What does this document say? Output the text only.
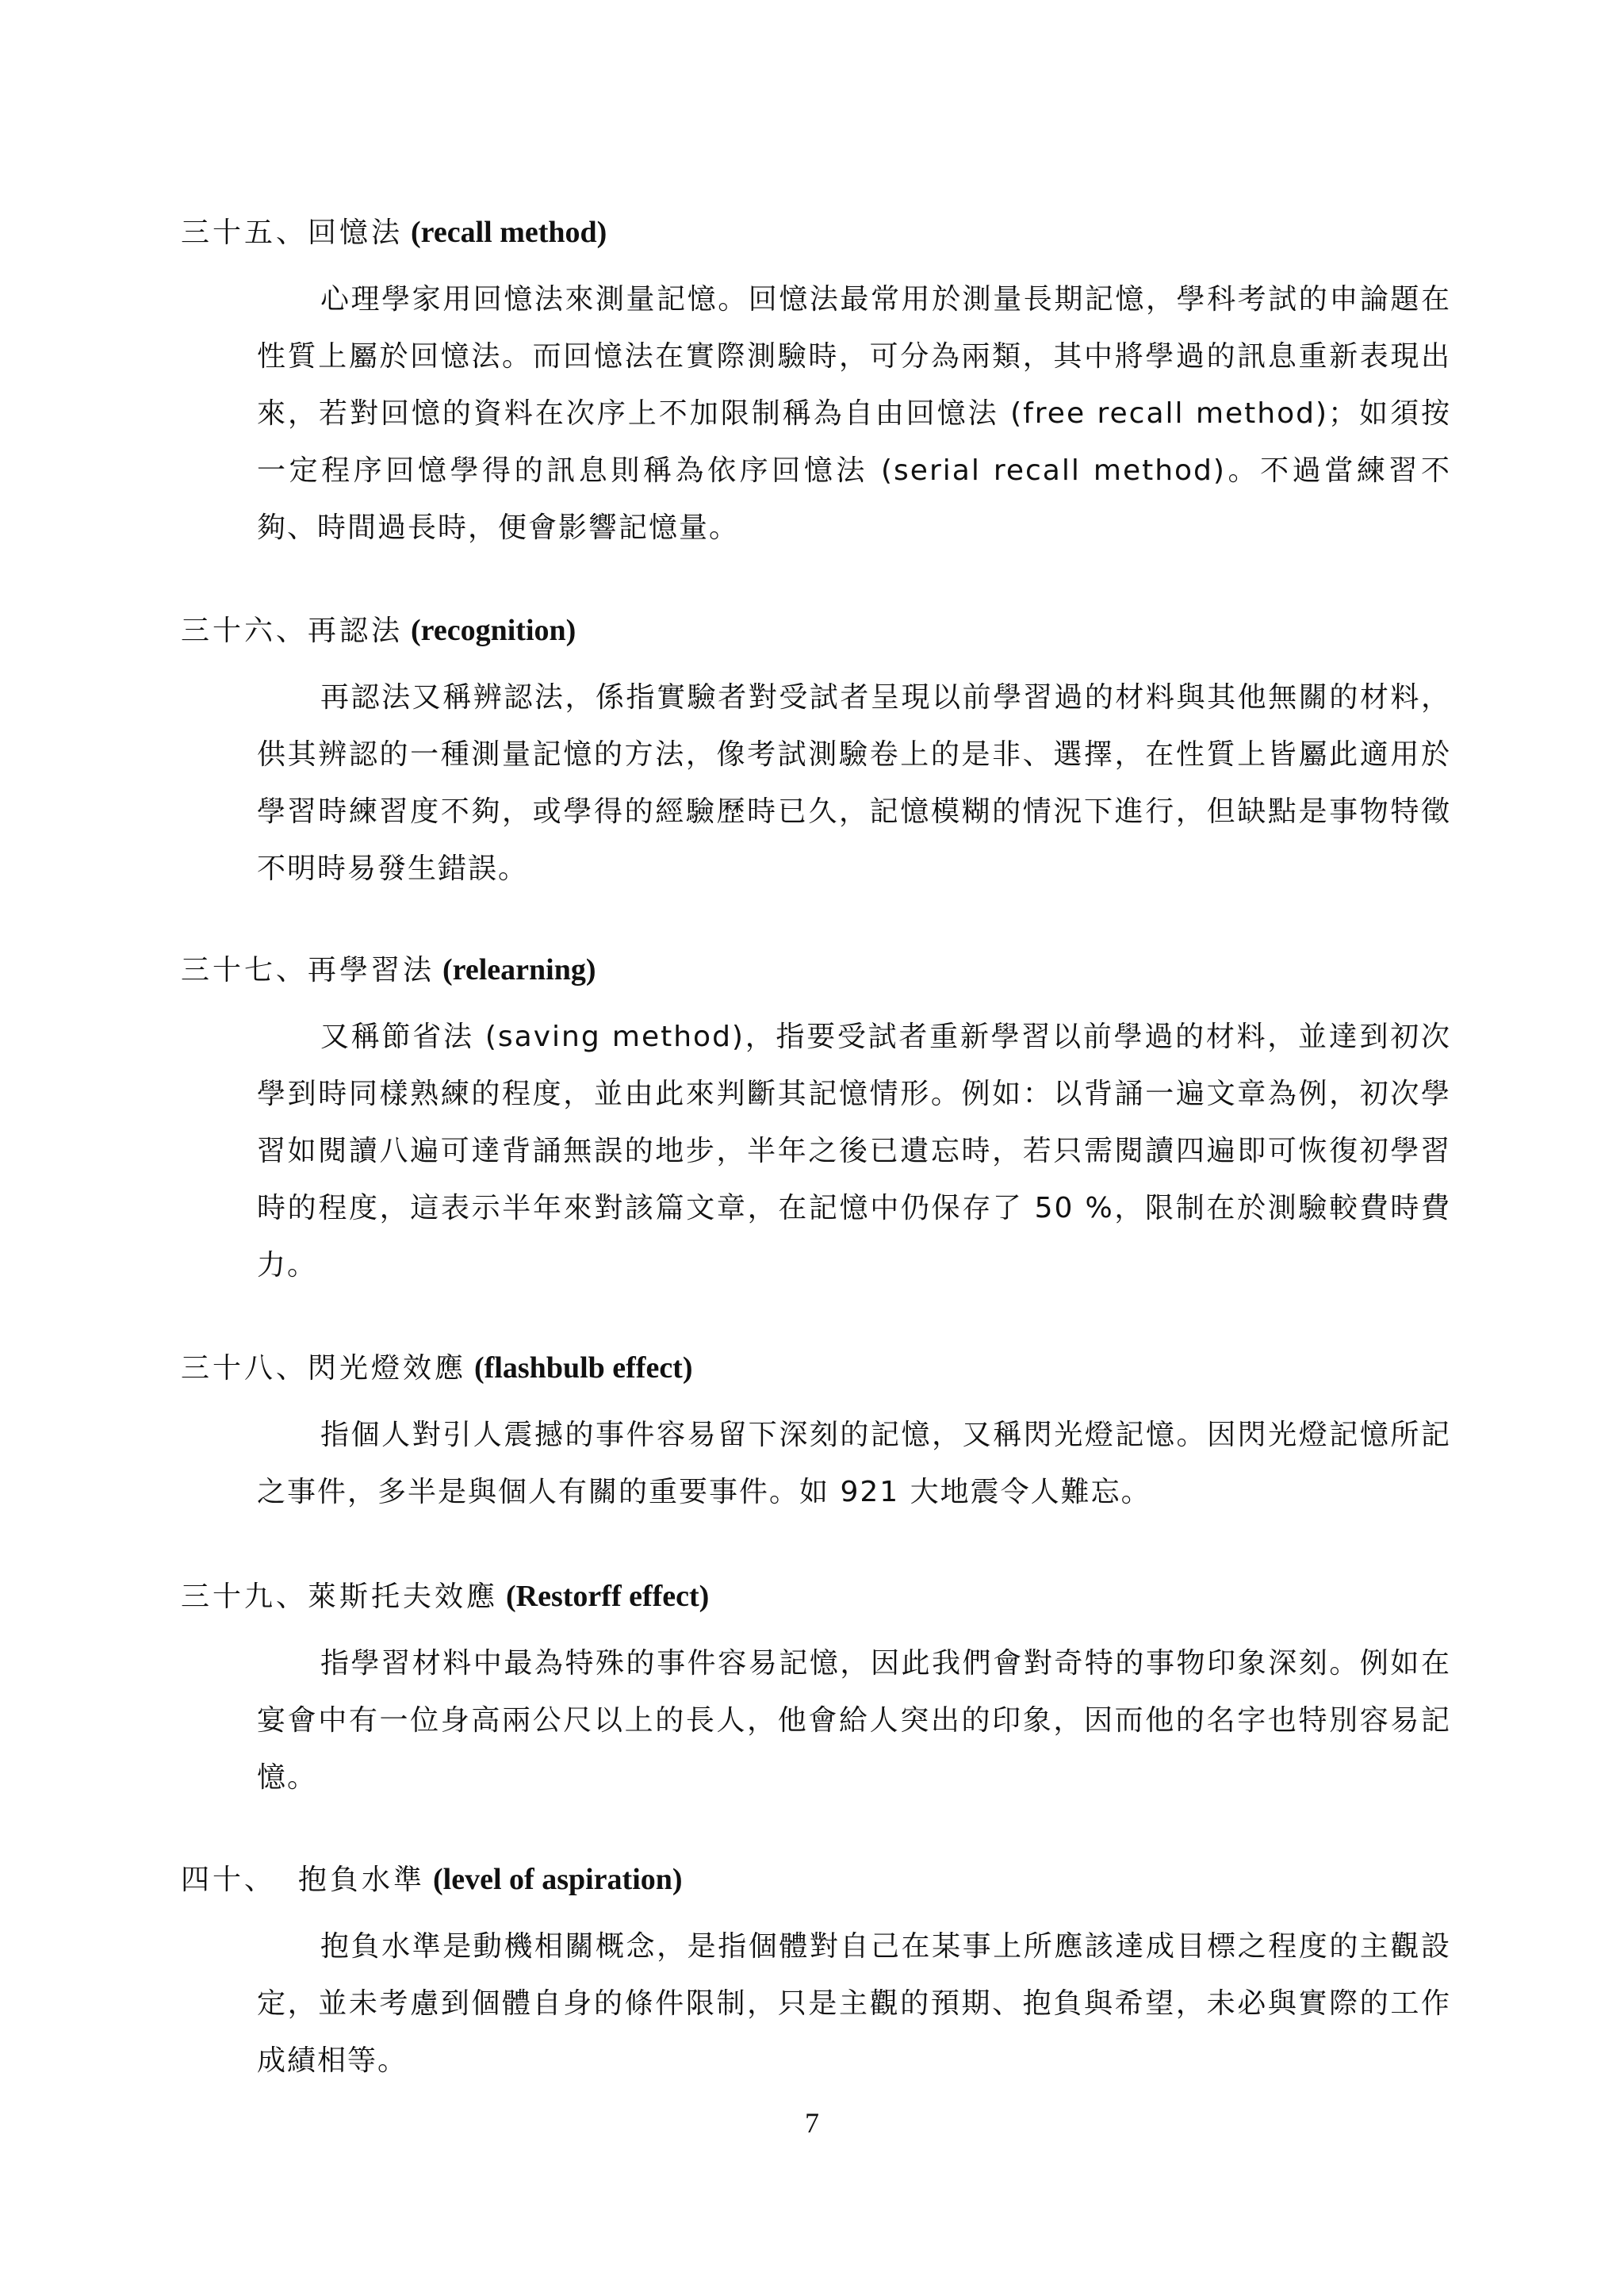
三十五、回憶法 (recall method)
心理學家用回憶法來測量記憶。回憶法最常用於測量長期記憶，學科考試的申論題在性質上屬於回憶法。而回憶法在實際測驗時，可分為兩類，其中將學過的訊息重新表現出來，若對回憶的資料在次序上不加限制稱為自由回憶法 (free recall method)；如須按一定程序回憶學得的訊息則稱為依序回憶法 (serial recall method)。不過當練習不夠、時間過長時，便會影響記憶量。
三十六、再認法 (recognition)
再認法又稱辨認法，係指實驗者對受試者呈現以前學習過的材料與其他無關的材料，供其辨認的一種測量記憶的方法，像考試測驗卷上的是非、選擇，在性質上皆屬此適用於學習時練習度不夠，或學得的經驗歷時已久，記憶模糊的情況下進行，但缺點是事物特徵不明時易發生錯誤。
三十七、再學習法 (relearning)
又稱節省法 (saving method)，指要受試者重新學習以前學過的材料，並達到初次學到時同樣熟練的程度，並由此來判斷其記憶情形。例如：以背誦一遍文章為例，初次學習如閱讀八遍可達背誦無誤的地步，半年之後已遺忘時，若只需閱讀四遍即可恢復初學習時的程度，這表示半年來對該篇文章，在記憶中仍保存了 50 %，限制在於測驗較費時費力。
三十八、閃光燈效應 (flashbulb effect)
指個人對引人震撼的事件容易留下深刻的記憶，又稱閃光燈記憶。因閃光燈記憶所記之事件，多半是與個人有關的重要事件。如 921 大地震令人難忘。
三十九、萊斯托夫效應 (Restorff effect)
指學習材料中最為特殊的事件容易記憶，因此我們會對奇特的事物印象深刻。例如在宴會中有一位身高兩公尺以上的長人，他會給人突出的印象，因而他的名字也特別容易記憶。
四十、 抱負水準 (level of aspiration)
抱負水準是動機相關概念，是指個體對自己在某事上所應該達成目標之程度的主觀設定，並未考慮到個體自身的條件限制，只是主觀的預期、抱負與希望，未必與實際的工作成績相等。
7
